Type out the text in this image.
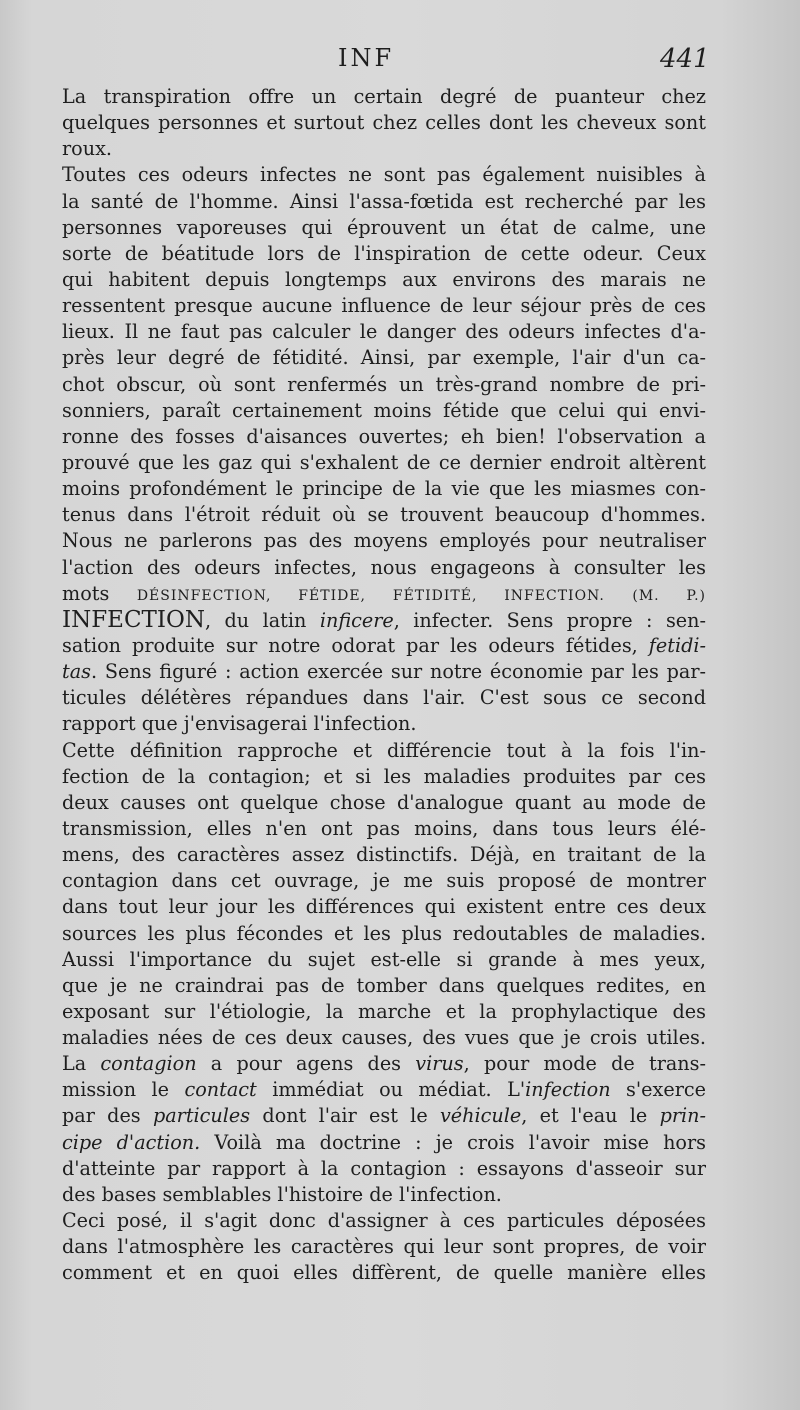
INF	441
La transpiration offre un certain degré de puanteur chez
quelques personnes et surtout chez celles dont les cheveux sont
roux.
Toutes ces odeurs infectes ne sont pas également nuisibles à
la santé de l'homme. Ainsi l'assa-fœtida est recherché par les
personnes vaporeuses qui éprouvent un état de calme, une
sorte de béatitude lors de l'inspiration de cette odeur. Ceux
qui habitent depuis longtemps aux environs des marais ne
ressentent presque aucune influence de leur séjour près de ces
lieux. Il ne faut pas calculer le danger des odeurs infectes d'a-
près leur degré de fétidité. Ainsi, par exemple, l'air d'un ca-
chot obscur, où sont renfermés un très-grand nombre de pri-
sonniers, paraît certainement moins fétide que celui qui envi-
ronne des fosses d'aisances ouvertes; eh bien! l'observation a
prouvé que les gaz qui s'exhalent de ce dernier endroit altèrent
moins profondément le principe de la vie que les miasmes con-
tenus dans l'étroit réduit où se trouvent beaucoup d'hommes.
Nous ne parlerons pas des moyens employés pour neutraliser
l'action des odeurs infectes, nous engageons à consulter les
mots DÉSINFECTION, FÉTIDE, FÉTIDITÉ, INFECTION. (M. P.)
INFECTION, du latin inficere, infecter. Sens propre : sen-
sation produite sur notre odorat par les odeurs fétides, fetidi-
tas. Sens figuré : action exercée sur notre économie par les par-
ticules délétères répandues dans l'air. C'est sous ce second
rapport que j'envisagerai l'infection.
Cette définition rapproche et différencie tout à la fois l'in-
fection de la contagion; et si les maladies produites par ces
deux causes ont quelque chose d'analogue quant au mode de
transmission, elles n'en ont pas moins, dans tous leurs élé-
mens, des caractères assez distinctifs. Déjà, en traitant de la
contagion dans cet ouvrage, je me suis proposé de montrer
dans tout leur jour les différences qui existent entre ces deux
sources les plus fécondes et les plus redoutables de maladies.
Aussi l'importance du sujet est-elle si grande à mes yeux,
que je ne craindrai pas de tomber dans quelques redites, en
exposant sur l'étiologie, la marche et la prophylactique des
maladies nées de ces deux causes, des vues que je crois utiles.
La contagion a pour agens des virus, pour mode de trans-
mission le contact immédiat ou médiat. L'infection s'exerce
par des particules dont l'air est le véhicule, et l'eau le prin-
cipe d'action. Voilà ma doctrine : je crois l'avoir mise hors
d'atteinte par rapport à la contagion : essayons d'asseoir sur
des bases semblables l'histoire de l'infection.
Ceci posé, il s'agit donc d'assigner à ces particules déposées
dans l'atmosphère les caractères qui leur sont propres, de voir
comment et en quoi elles diffèrent, de quelle manière elles
